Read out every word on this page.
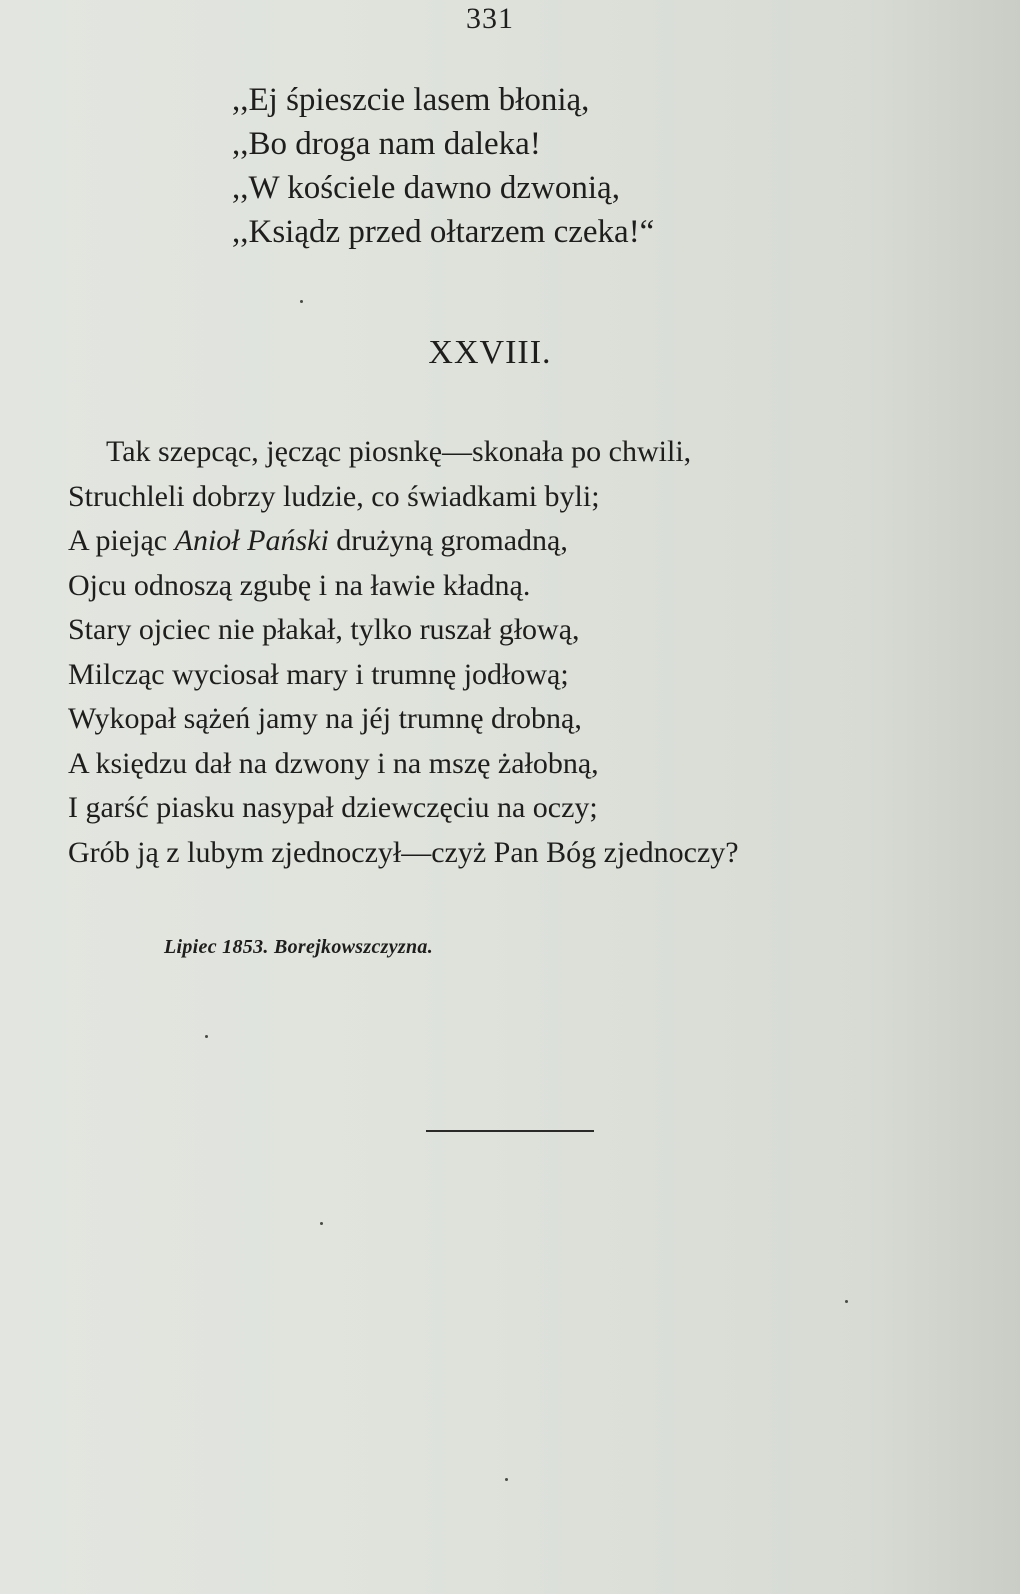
331
,,Ej śpieszcie lasem błonią,
,,Bo droga nam daleka!
,,W kościele dawno dzwonią,
,,Ksiądz przed ołtarzem czeka!“
XXVIII.
Tak szepcąc, jęcząc piosnkę—skonała po chwili,
Struchleli dobrzy ludzie, co świadkami byli;
A piejąc Anioł Pański drużyną gromadną,
Ojcu odnoszą zgubę i na ławie kładną.
Stary ojciec nie płakał, tylko ruszał głową,
Milcząc wyciosał mary i trumnę jodłową;
Wykopał sążeń jamy na jéj trumnę drobną,
A księdzu dał na dzwony i na mszę żałobną,
I garść piasku nasypał dziewczęciu na oczy;
Grób ją z lubym zjednoczył—czyż Pan Bóg zjednoczy?
Lipiec 1853. Borejkowszczyzna.
